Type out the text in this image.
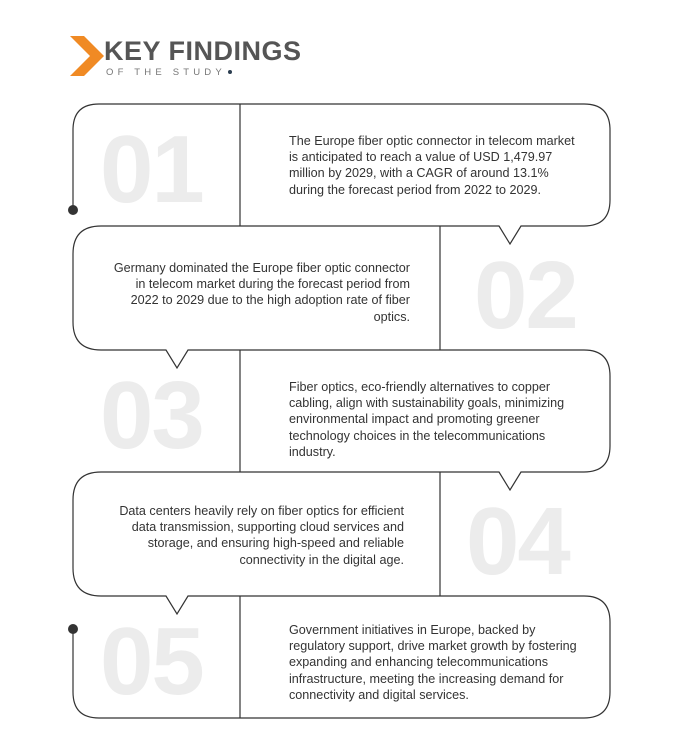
KEY FINDINGS
OF THE STUDY
01
02
03
04
05
The Europe fiber optic connector in telecom market is anticipated to reach a value of USD 1,479.97 million by 2029, with a CAGR of around 13.1% during the forecast period from 2022 to 2029.
Germany dominated the Europe fiber optic connector in telecom market during the forecast period from 2022 to 2029 due to the high adoption rate of fiber optics.
Fiber optics, eco-friendly alternatives to copper cabling, align with sustainability goals, minimizing environmental impact and promoting greener technology choices in the telecommunications industry.
Data centers heavily rely on fiber optics for efficient data transmission, supporting cloud services and storage, and ensuring high-speed and reliable connectivity in the digital age.
Government initiatives in Europe, backed by regulatory support, drive market growth by fostering expanding and enhancing telecommunications infrastructure, meeting the increasing demand for connectivity and digital services.
